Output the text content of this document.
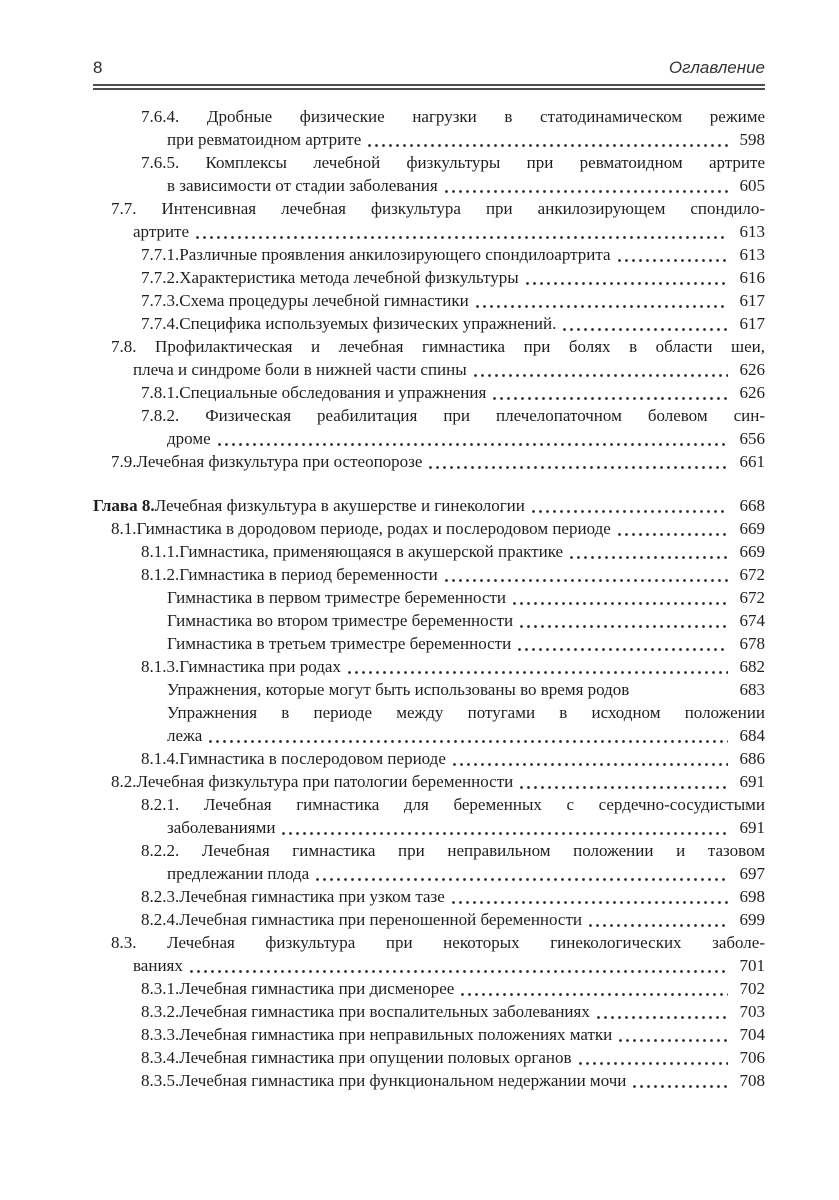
8	Оглавление
7.6.4. Дробные физические нагрузки в статодинамическом режиме
при ревматоидном артрите	598
7.6.5. Комплексы лечебной физкультуры при ревматоидном артрите
в зависимости от стадии заболевания	605
7.7. Интенсивная лечебная физкультура при анкилозирующем спондило-
артрите	613
7.7.1. Различные проявления анкилозирующего спондилоартрита	613
7.7.2. Характеристика метода лечебной физкультуры	616
7.7.3. Схема процедуры лечебной гимнастики	617
7.7.4. Специфика используемых физических упражнений.	617
7.8. Профилактическая и лечебная гимнастика при болях в области шеи,
плеча и синдроме боли в нижней части спины	626
7.8.1. Специальные обследования и упражнения	626
7.8.2. Физическая реабилитация при плечелопаточном болевом син-
дроме	656
7.9. Лечебная физкультура при остеопорозе	661
Глава 8. Лечебная физкультура в акушерстве и гинекологии	668
8.1. Гимнастика в дородовом периоде, родах и послеродовом периоде	669
8.1.1. Гимнастика, применяющаяся в акушерской практике	669
8.1.2. Гимнастика в период беременности	672
Гимнастика в первом триместре беременности	672
Гимнастика во втором триместре беременности	674
Гимнастика в третьем триместре беременности	678
8.1.3. Гимнастика при родах	682
Упражнения, которые могут быть использованы во время родов	683
Упражнения в периоде между потугами в исходном положении
лежа	684
8.1.4. Гимнастика в послеродовом периоде	686
8.2. Лечебная физкультура при патологии беременности	691
8.2.1. Лечебная гимнастика для беременных с сердечно-сосудистыми
заболеваниями	691
8.2.2. Лечебная гимнастика при неправильном положении и тазовом
предлежании плода	697
8.2.3. Лечебная гимнастика при узком тазе	698
8.2.4. Лечебная гимнастика при переношенной беременности	699
8.3. Лечебная физкультура при некоторых гинекологических заболе-
ваниях	701
8.3.1. Лечебная гимнастика при дисменорее	702
8.3.2. Лечебная гимнастика при воспалительных заболеваниях	703
8.3.3. Лечебная гимнастика при неправильных положениях матки	704
8.3.4. Лечебная гимнастика при опущении половых органов	706
8.3.5. Лечебная гимнастика при функциональном недержании мочи	708
